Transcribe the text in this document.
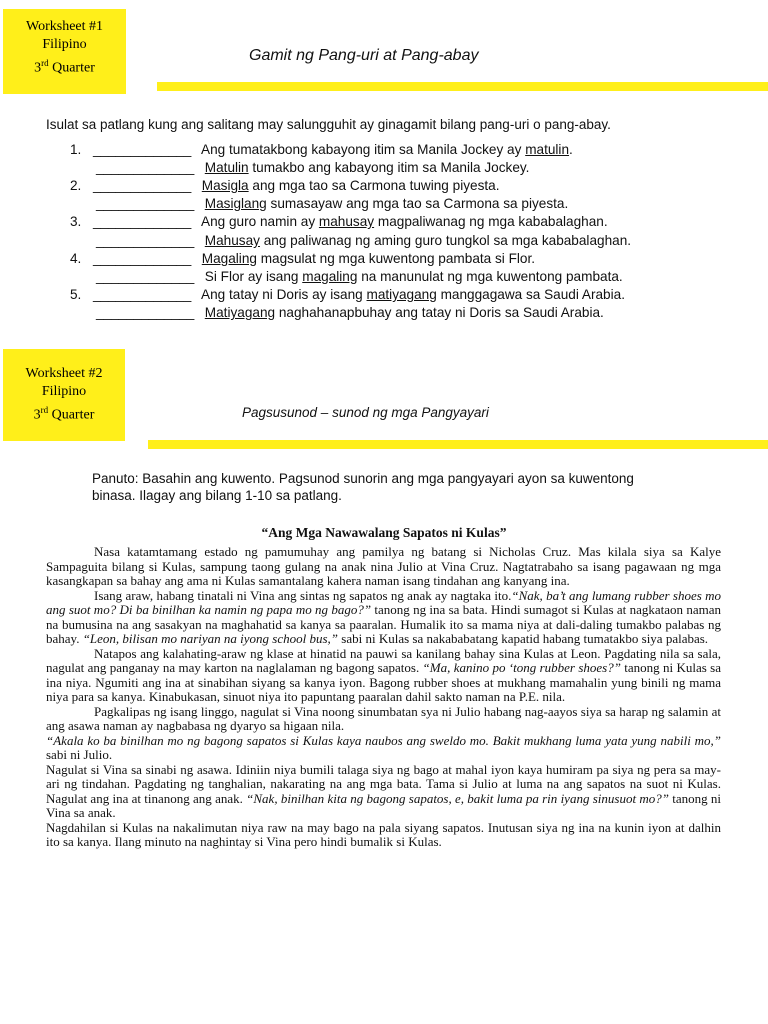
Worksheet #1
Filipino
3rd Quarter
Gamit ng Pang-uri at Pang-abay
Isulat sa patlang kung ang salitang may salungguhit ay ginagamit bilang pang-uri o pang-abay.
1. _____________ Ang tumatakbong kabayong itim sa Manila Jockey ay matulin.
_____________ Matulin tumakbo ang kabayong itim sa Manila Jockey.
2. _____________ Masigla ang mga tao sa Carmona tuwing piyesta.
_____________ Masiglang sumasayaw ang mga tao sa Carmona sa piyesta.
3. _____________ Ang guro namin ay mahusay magpaliwanag ng mga kababalaghan.
_____________ Mahusay ang paliwanag ng aming guro tungkol sa mga kababalaghan.
4. _____________ Magaling magsulat ng mga kuwentong pambata si Flor.
_____________ Si Flor ay isang magaling na manunulat ng mga kuwentong pambata.
5. _____________ Ang tatay ni Doris ay isang matiyagang manggagawa sa Saudi Arabia.
_____________ Matiyagang naghahanapbuhay ang tatay ni Doris sa Saudi Arabia.
Worksheet #2
Filipino
3rd Quarter	Pagsusunod – sunod ng mga Pangyayari
Panuto: Basahin ang kuwento. Pagsunod sunorin ang mga pangyayari ayon sa kuwentong
binasa. Ilagay ang bilang 1-10 sa patlang.
“Ang Mga Nawawalang Sapatos ni Kulas”

Nasa katamtamang estado ng pamumuhay ang pamilya ng batang si Nicholas Cruz. Mas kilala siya sa Kalye Sampaguita bilang si Kulas, sampung taong gulang na anak nina Julio at Vina Cruz. Nagtatrabaho sa isang pagawaan ng mga kasangkapan sa bahay ang ama ni Kulas samantalang kahera naman isang tindahan ang kanyang ina.

Isang araw, habang tinatali ni Vina ang sintas ng sapatos ng anak ay nagtaka ito.“Nak, ba’t ang lumang rubber shoes mo ang suot mo? Di ba binilhan ka namin ng papa mo ng bago?” tanong ng ina sa bata. Hindi sumagot si Kulas at nagkataon naman na bumusina na ang sasakyan na maghahatid sa kanya sa paaralan. Humalik ito sa mama niya at dali-daling tumakbo palabas ng bahay. “Leon, bilisan mo nariyan na iyong school bus,” sabi ni Kulas sa nakababatang kapatid habang tumatakbo siya palabas.

Natapos ang kalahating-araw ng klase at hinatid na pauwi sa kanilang bahay sina Kulas at Leon. Pagdating nila sa sala, nagulat ang panganay na may karton na naglalaman ng bagong sapatos. “Ma, kanino po ‘tong rubber shoes?” tanong ni Kulas sa ina niya. Ngumiti ang ina at sinabihan siyang sa kanya iyon. Bagong rubber shoes at mukhang mamahalin yung binili ng mama niya para sa kanya. Kinabukasan, sinuot niya ito papuntang paaralan dahil sakto naman na P.E. nila.

Pagkalipas ng isang linggo, nagulat si Vina noong sinumbatan sya ni Julio habang nag-aayos siya sa harap ng salamin at ang asawa naman ay nagbabasa ng dyaryo sa higaan nila.

“Akala ko ba binilhan mo ng bagong sapatos si Kulas kaya naubos ang sweldo mo. Bakit mukhang luma yata yung nabili mo,” sabi ni Julio.

Nagulat si Vina sa sinabi ng asawa. Idiniin niya bumili talaga siya ng bago at mahal iyon kaya humiram pa siya ng pera sa may-ari ng tindahan. Pagdating ng tanghalian, nakarating na ang mga bata. Tama si Julio at luma na ang sapatos na suot ni Kulas. Nagulat ang ina at tinanong ang anak. “Nak, binilhan kita ng bagong sapatos, e, bakit luma pa rin iyang sinusuot mo?” tanong ni Vina sa anak.

Nagdahilan si Kulas na nakalimutan niya raw na may bago na pala siyang sapatos. Inutusan siya ng ina na kunin iyon at dalhin ito sa kanya. Ilang minuto na naghintay si Vina pero hindi bumalik si Kulas.
